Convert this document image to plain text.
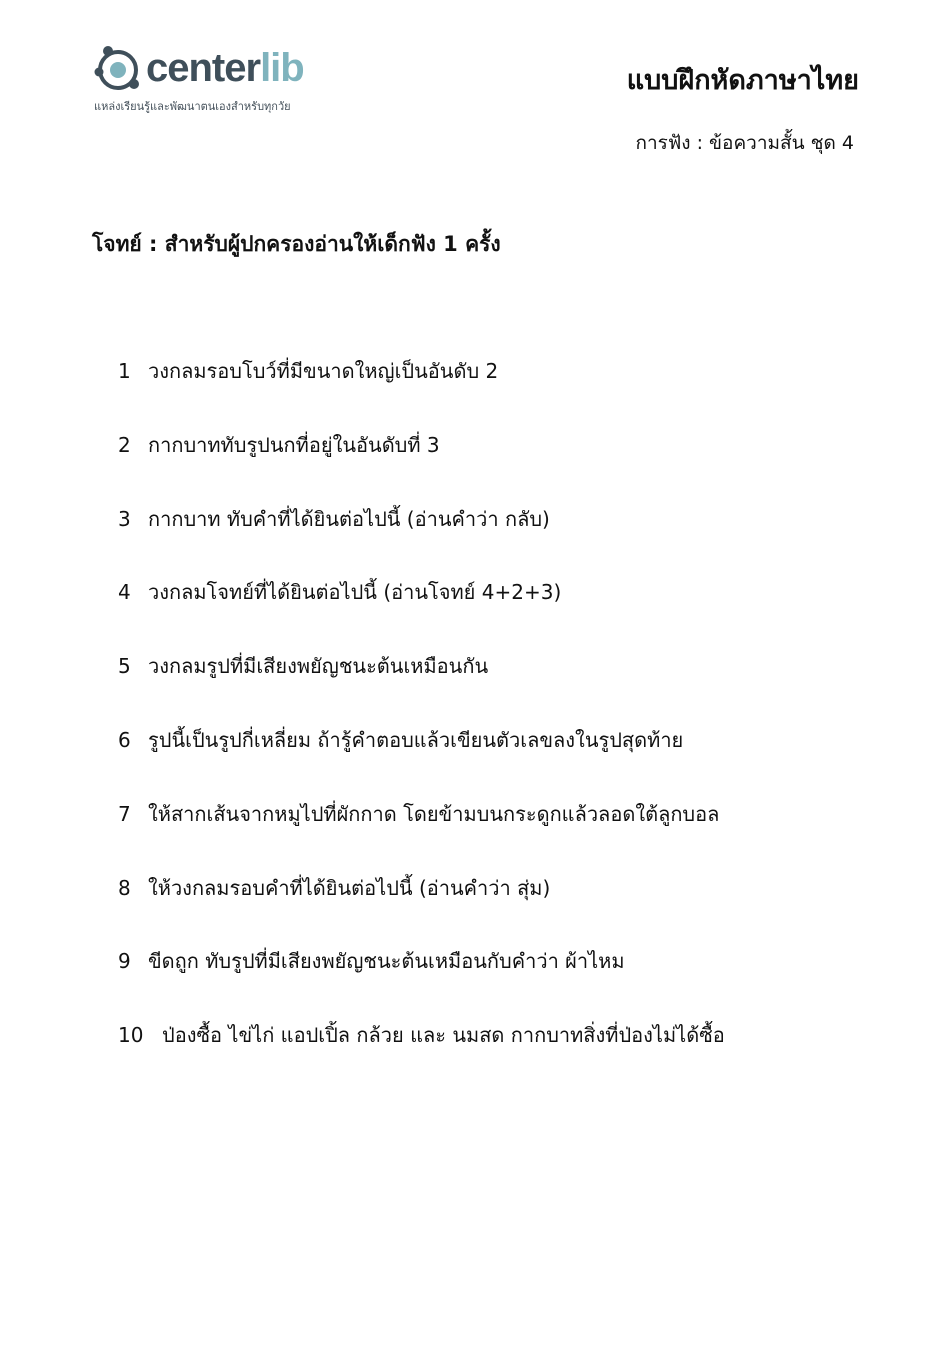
centerlib
แหล่งเรียนรู้และพัฒนาตนเองสำหรับทุกวัย
แบบฝึกหัดภาษาไทย
การฟัง : ข้อความสั้น ชุด 4
โจทย์ : สำหรับผู้ปกครองอ่านให้เด็กฟัง 1 ครั้ง
1 วงกลมรอบโบว์ที่มีขนาดใหญ่เป็นอันดับ 2
2 กากบาททับรูปนกที่อยู่ในอันดับที่ 3
3 กากบาท ทับคำที่ได้ยินต่อไปนี้ (อ่านคำว่า กลับ)
4 วงกลมโจทย์ที่ได้ยินต่อไปนี้ (อ่านโจทย์ 4+2+3)
5 วงกลมรูปที่มีเสียงพยัญชนะต้นเหมือนกัน
6 รูปนี้เป็นรูปกี่เหลี่ยม ถ้ารู้คำตอบแล้วเขียนตัวเลขลงในรูปสุดท้าย
7 ให้สากเส้นจากหมูไปที่ผักกาด โดยข้ามบนกระดูกแล้วลอดใต้ลูกบอล
8 ให้วงกลมรอบคำที่ได้ยินต่อไปนี้ (อ่านคำว่า สุ่ม)
9 ขีดถูก ทับรูปที่มีเสียงพยัญชนะต้นเหมือนกับคำว่า ผ้าไหม
10 ป่องซื้อ ไข่ไก่ แอปเปิ้ล กล้วย และ นมสด กากบาทสิ่งที่ป่องไม่ได้ซื้อ
